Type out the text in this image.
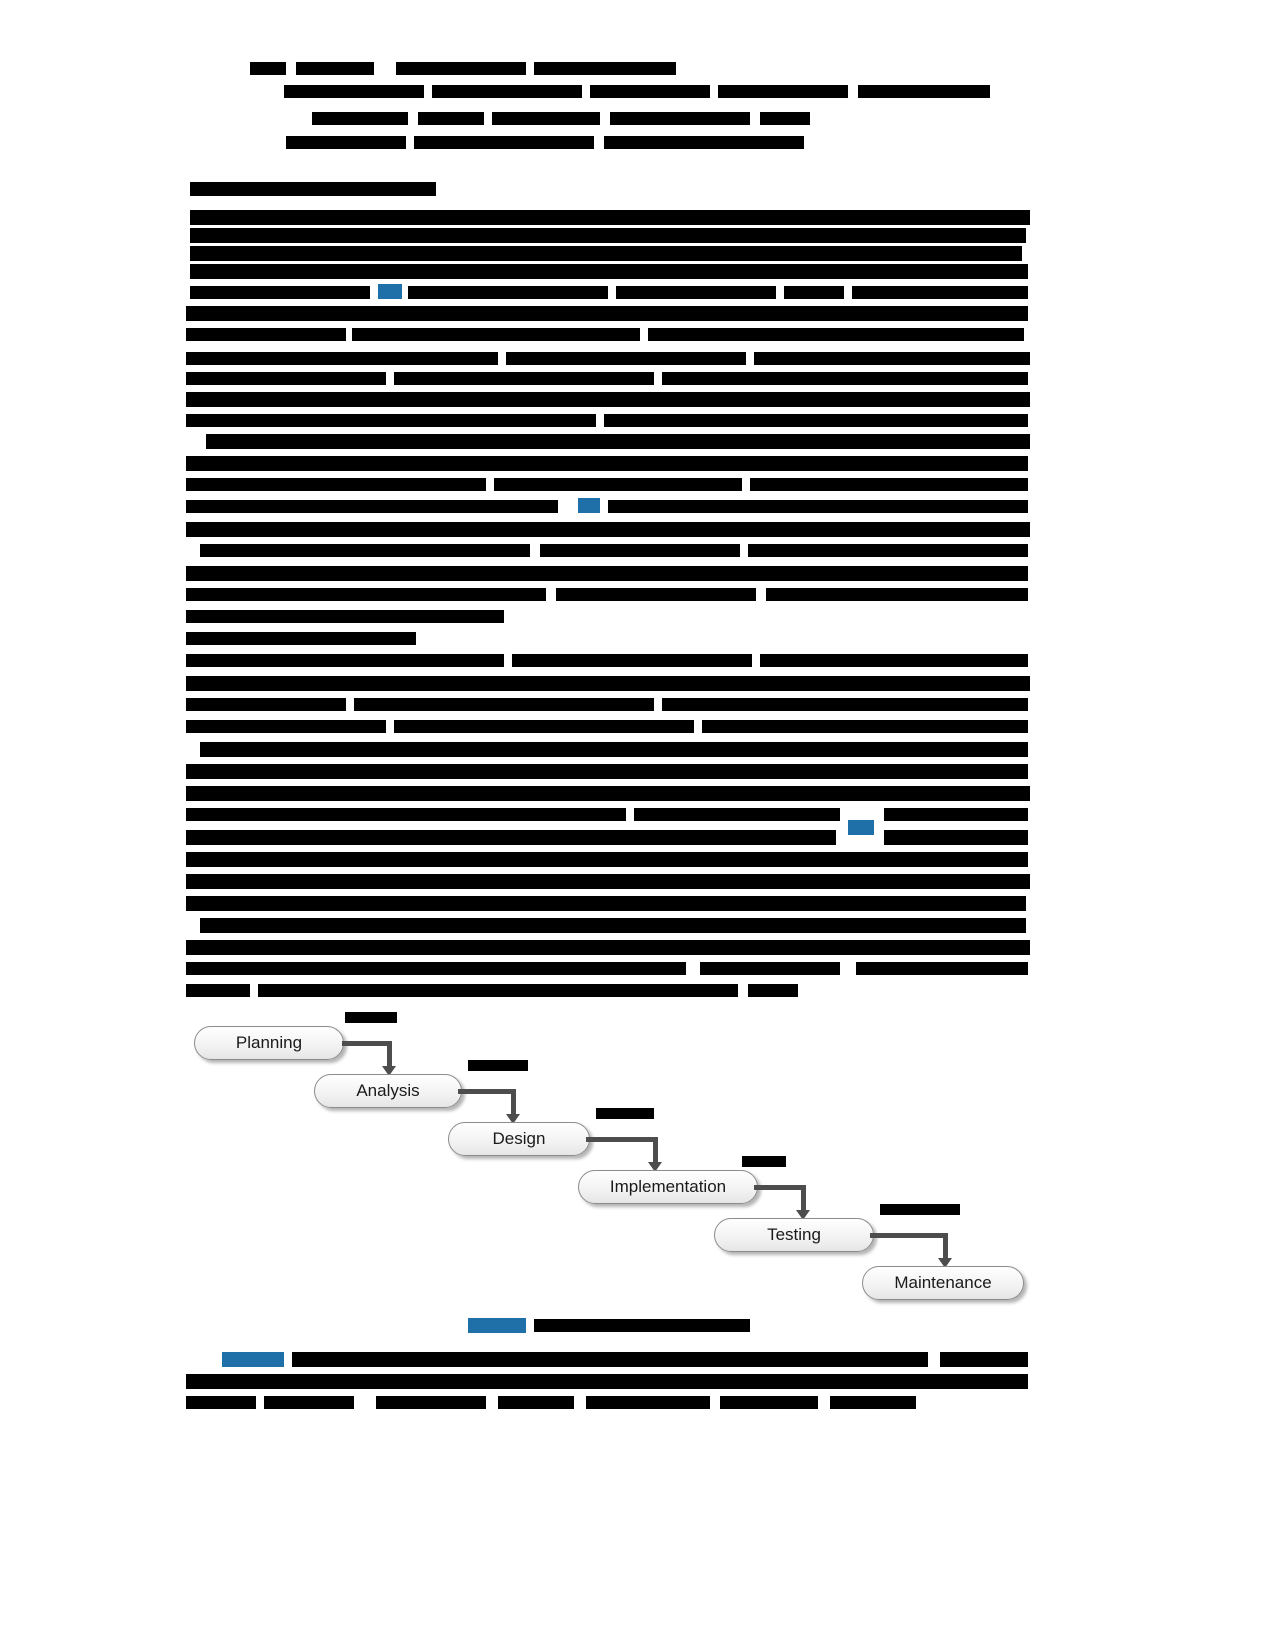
Planning
Analysis
Design
Implementation
Testing
Maintenance
